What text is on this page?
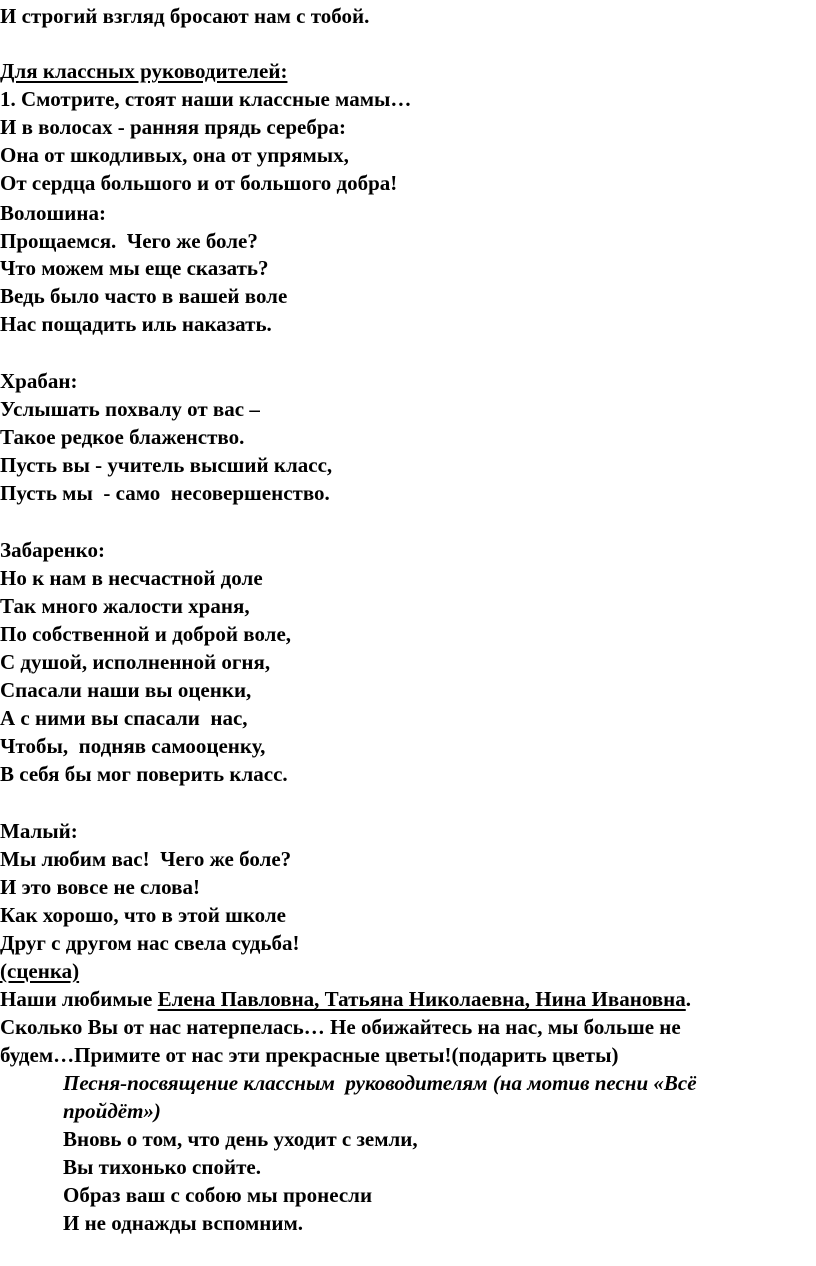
И строгий взгляд бросают нам с тобой.
Для классных руководителей:
1. Смотрите, стоят наши классные мамы…
И в волосах - ранняя прядь серебра:
Она от шкодливых, она от упрямых,
От сердца большого и от большого добра!
Волошина:
Прощаемся.  Чего же боле?
Что можем мы еще сказать?
Ведь было часто в вашей воле
Нас пощадить иль наказать.
Храбан:
Услышать похвалу от вас –
Такое редкое блаженство.
Пусть вы - учитель высший класс,
Пусть мы  - само  несовершенство.
Забаренко:
Но к нам в несчастной доле
Так много жалости храня,
По собственной и доброй воле,
С душой, исполненной огня,
Спасали наши вы оценки,
А с ними вы спасали  нас,
Чтобы,  подняв самооценку,
В себя бы мог поверить класс.
Малый:
Мы любим вас!  Чего же боле?
И это вовсе не слова!
Как хорошо, что в этой школе
Друг с другом нас свела судьба!
(сценка)
Наши любимые Елена Павловна, Татьяна Николаевна, Нина Ивановна.
Сколько Вы от нас натерпелась… Не обижайтесь на нас, мы больше не
будем…Примите от нас эти прекрасные цветы!(подарить цветы)
Песня-посвящение классным  руководителям (на мотив песни «Всё
пройдёт»)
Вновь о том, что день уходит с земли,
Вы тихонько спойте.
Образ ваш с собою мы пронесли
И не однажды вспомним.
